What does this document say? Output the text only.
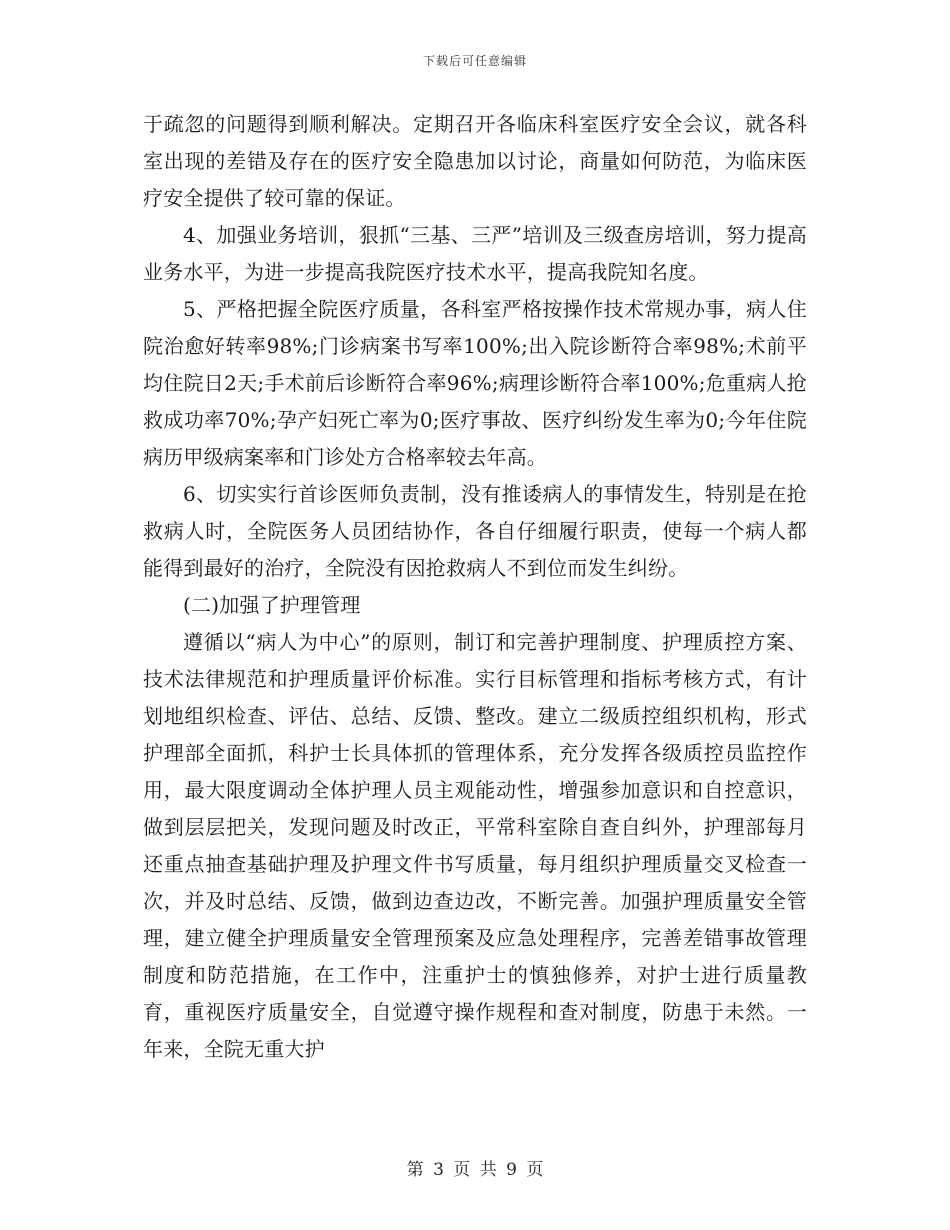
下载后可任意编辑

于疏忽的问题得到顺利解决。定期召开各临床科室医疗安全会议，就各科室出现的差错及存在的医疗安全隐患加以讨论，商量如何防范，为临床医疗安全提供了较可靠的保证。

4、加强业务培训，狠抓“三基、三严”培训及三级查房培训，努力提高业务水平，为进一步提高我院医疗技术水平，提高我院知名度。

5、严格把握全院医疗质量，各科室严格按操作技术常规办事，病人住院治愈好转率98%;门诊病案书写率100%;出入院诊断符合率98%;术前平均住院日2天;手术前后诊断符合率96%;病理诊断符合率100%;危重病人抢救成功率70%;孕产妇死亡率为0;医疗事故、医疗纠纷发生率为0;今年住院病历甲级病案率和门诊处方合格率较去年高。

6、切实实行首诊医师负责制，没有推诿病人的事情发生，特别是在抢救病人时，全院医务人员团结协作，各自仔细履行职责，使每一个病人都能得到最好的治疗，全院没有因抢救病人不到位而发生纠纷。

(二)加强了护理管理

遵循以“病人为中心”的原则，制订和完善护理制度、护理质控方案、技术法律规范和护理质量评价标准。实行目标管理和指标考核方式，有计划地组织检查、评估、总结、反馈、整改。建立二级质控组织机构，形式护理部全面抓，科护士长具体抓的管理体系，充分发挥各级质控员监控作用，最大限度调动全体护理人员主观能动性，增强参加意识和自控意识，做到层层把关，发现问题及时改正，平常科室除自查自纠外，护理部每月还重点抽查基础护理及护理文件书写质量，每月组织护理质量交叉检查一次，并及时总结、反馈，做到边查边改，不断完善。加强护理质量安全管理，建立健全护理质量安全管理预案及应急处理程序，完善差错事故管理制度和防范措施，在工作中，注重护士的慎独修养，对护士进行质量教育，重视医疗质量安全，自觉遵守操作规程和查对制度，防患于未然。一年来，全院无重大护

第 3 页 共 9 页
